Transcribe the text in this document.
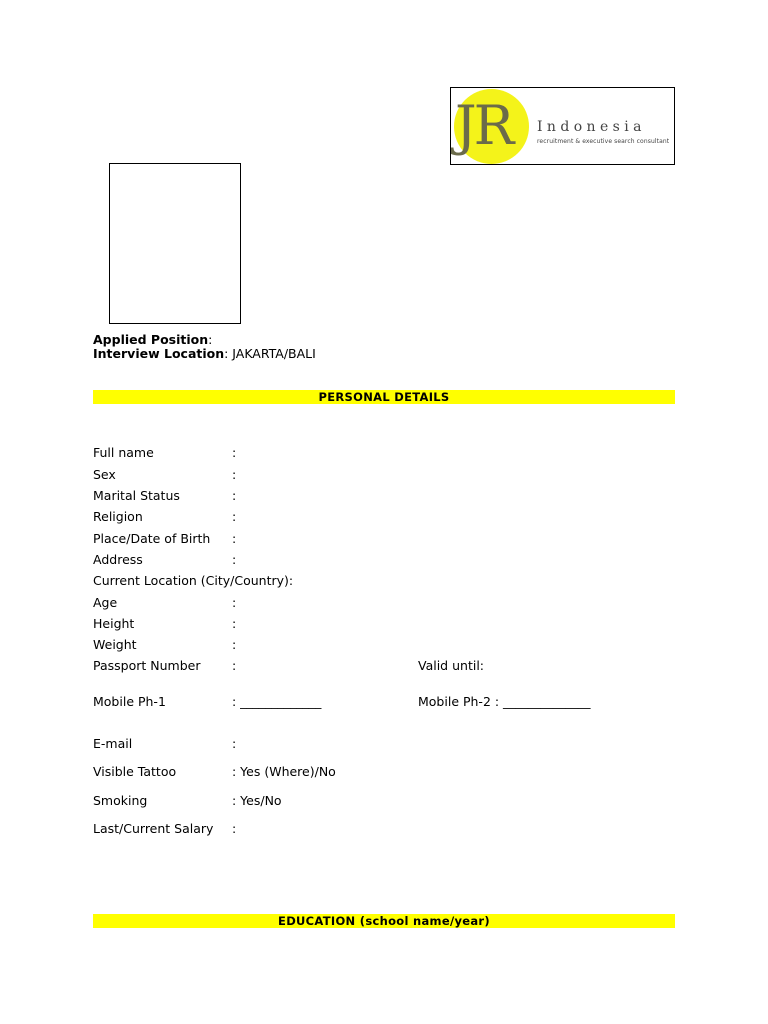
JR Indonesia
recruitment & executive search consultant
Applied Position:
Interview Location: JAKARTA/BALI
PERSONAL DETAILS
Full name	:
Sex	:
Marital Status	:
Religion	:
Place/Date of Birth :
Address	:
Current Location (City/Country):
Age	:
Height	:
Weight	:
Passport Number	:	Valid until:
Mobile Ph-1	: _____________	Mobile Ph-2 : ______________
E-mail	:
Visible Tattoo	: Yes (Where)/No
Smoking	: Yes/No
Last/Current Salary :
EDUCATION (school name/year)
